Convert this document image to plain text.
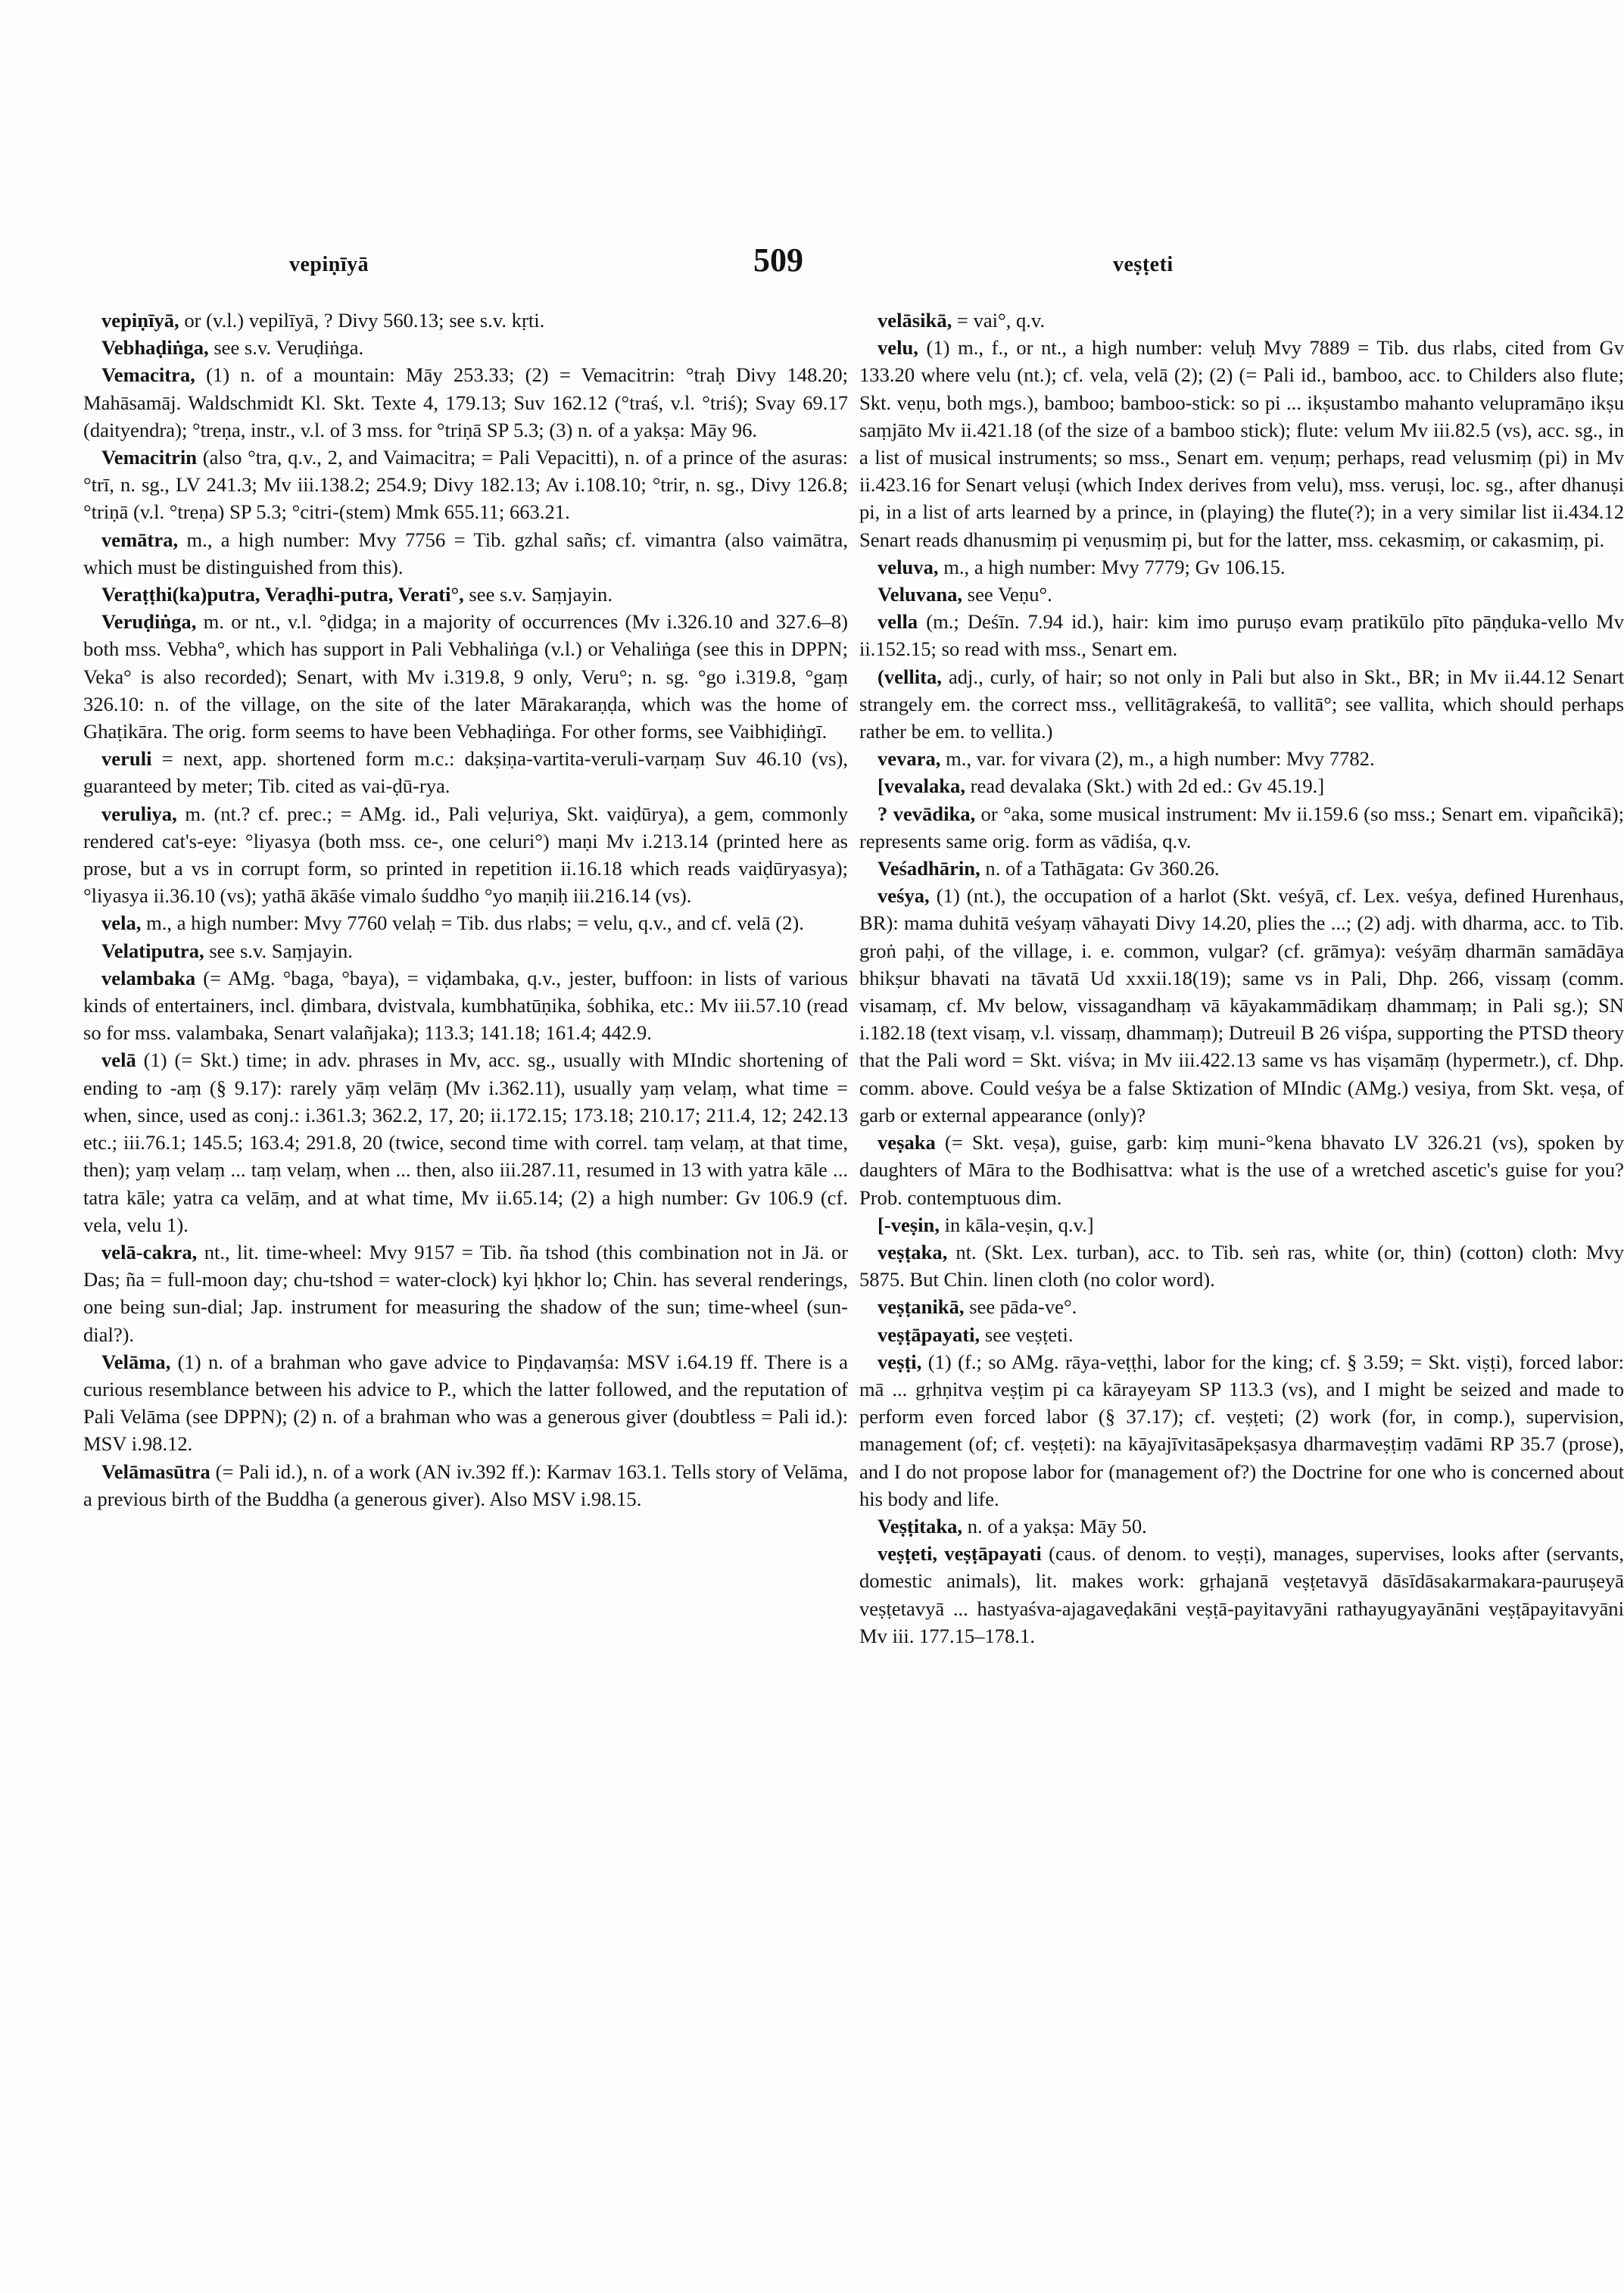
vepiṇīyā	509	veṣṭeti

vepiṇīyā, or (v.l.) vepilīyā, ? Divy 560.13; see s.v. kṛti.

Vebhaḍiṅga, see s.v. Veruḍiṅga.

Vemacitra, (1) n. of a mountain: Māy 253.33; (2) = Vemacitrin: °traḥ Divy 148.20; Mahāsamāj. Waldschmidt Kl. Skt. Texte 4, 179.13; Suv 162.12 (°traś, v.l. °triś); Svay 69.17 (daityendra); °treṇa, instr., v.l. of 3 mss. for °triṇā SP 5.3; (3) n. of a yakṣa: Māy 96.

Vemacitrin (also °tra, q.v., 2, and Vaimacitra; = Pali Vepacitti), n. of a prince of the asuras: °trī, n. sg., LV 241.3; Mv iii.138.2; 254.9; Divy 182.13; Av i.108.10; °trir, n. sg., Divy 126.8; °triṇā (v.l. °treṇa) SP 5.3; °citri-(stem) Mmk 655.11; 663.21.

vemātra, m., a high number: Mvy 7756 = Tib. gzhal sañs; cf. vimantra (also vaimātra, which must be distinguished from this).

Veraṭṭhi(ka)putra, Veraḍhi-putra, Verati°, see s.v. Saṃjayin.

Veruḍiṅga, m. or nt., v.l. °ḍidga; in a majority of occurrences (Mv i.326.10 and 327.6–8) both mss. Vebha°, which has support in Pali Vebhaliṅga (v.l.) or Vehaliṅga (see this in DPPN; Veka° is also recorded); Senart, with Mv i.319.8, 9 only, Veru°; n. sg. °go i.319.8, °gaṃ 326.10: n. of the village, on the site of the later Mārakaraṇḍa, which was the home of Ghaṭikāra. The orig. form seems to have been Vebhaḍiṅga. For other forms, see Vaibhiḍiṅgī.

veruli = next, app. shortened form m.c.: dakṣiṇa-vartita-veruli-varṇaṃ Suv 46.10 (vs), guaranteed by meter; Tib. cited as vai-ḍū-rya.

veruliya, m. (nt.? cf. prec.; = AMg. id., Pali veḷuriya, Skt. vaiḍūrya), a gem, commonly rendered cat's-eye: °liyasya (both mss. ce-, one celuri°) maṇi Mv i.213.14 (printed here as prose, but a vs in corrupt form, so printed in repetition ii.16.18 which reads vaiḍūryasya); °liyasya ii.36.10 (vs); yathā ākāśe vimalo śuddho °yo maṇiḥ iii.216.14 (vs).

vela, m., a high number: Mvy 7760 velaḥ = Tib. dus rlabs; = velu, q.v., and cf. velā (2).

Velatiputra, see s.v. Saṃjayin.

velambaka (= AMg. °baga, °baya), = viḍambaka, q.v., jester, buffoon: in lists of various kinds of entertainers, incl. ḍimbara, dvistvala, kumbhatūṇika, śobhika, etc.: Mv iii.57.10 (read so for mss. valambaka, Senart valañjaka); 113.3; 141.18; 161.4; 442.9.

velā (1) (= Skt.) time; in adv. phrases in Mv, acc. sg., usually with MIndic shortening of ending to -aṃ (§ 9.17): rarely yāṃ velāṃ (Mv i.362.11), usually yaṃ velaṃ, what time = when, since, used as conj.: i.361.3; 362.2, 17, 20; ii.172.15; 173.18; 210.17; 211.4, 12; 242.13 etc.; iii.76.1; 145.5; 163.4; 291.8, 20 (twice, second time with correl. taṃ velaṃ, at that time, then); yaṃ velaṃ ... taṃ velaṃ, when ... then, also iii.287.11, resumed in 13 with yatra kāle ... tatra kāle; yatra ca velāṃ, and at what time, Mv ii.65.14; (2) a high number: Gv 106.9 (cf. vela, velu 1).

velā-cakra, nt., lit. time-wheel: Mvy 9157 = Tib. ña tshod (this combination not in Jä. or Das; ña = full-moon day; chu-tshod = water-clock) kyi ḥkhor lo; Chin. has several renderings, one being sun-dial; Jap. instrument for measuring the shadow of the sun; time-wheel (sun-dial?).

Velāma, (1) n. of a brahman who gave advice to Piṇḍavaṃśa: MSV i.64.19 ff. There is a curious resemblance between his advice to P., which the latter followed, and the reputation of Pali Velāma (see DPPN); (2) n. of a brahman who was a generous giver (doubtless = Pali id.): MSV i.98.12.

Velāmasūtra (= Pali id.), n. of a work (AN iv.392 ff.): Karmav 163.1. Tells story of Velāma, a previous birth of the Buddha (a generous giver). Also MSV i.98.15.

velāsikā, = vai°, q.v.

velu, (1) m., f., or nt., a high number: veluḥ Mvy 7889 = Tib. dus rlabs, cited from Gv 133.20 where velu (nt.); cf. vela, velā (2); (2) (= Pali id., bamboo, acc. to Childers also flute; Skt. veṇu, both mgs.), bamboo; bamboo-stick: so pi ... ikṣustambo mahanto velupramāṇo ikṣu saṃjāto Mv ii.421.18 (of the size of a bamboo stick); flute: velum Mv iii.82.5 (vs), acc. sg., in a list of musical instruments; so mss., Senart em. veṇuṃ; perhaps, read velusmiṃ (pi) in Mv ii.423.16 for Senart veluṣi (which Index derives from velu), mss. veruṣi, loc. sg., after dhanuṣi pi, in a list of arts learned by a prince, in (playing) the flute(?); in a very similar list ii.434.12 Senart reads dhanusmiṃ pi veṇusmiṃ pi, but for the latter, mss. cekasmiṃ, or cakasmiṃ, pi.

veluva, m., a high number: Mvy 7779; Gv 106.15.

Veluvana, see Veṇu°.

vella (m.; Deśīn. 7.94 id.), hair: kim imo puruṣo evaṃ pratikūlo pīto pāṇḍuka-vello Mv ii.152.15; so read with mss., Senart em.

(vellita, adj., curly, of hair; so not only in Pali but also in Skt., BR; in Mv ii.44.12 Senart strangely em. the correct mss., vellitāgrakeśā, to vallitā°; see vallita, which should perhaps rather be em. to vellita.)

vevara, m., var. for vivara (2), m., a high number: Mvy 7782.

[vevalaka, read devalaka (Skt.) with 2d ed.: Gv 45.19.]

? vevādika, or °aka, some musical instrument: Mv ii.159.6 (so mss.; Senart em. vipañcikā); represents same orig. form as vādiśa, q.v.

Veśadhārin, n. of a Tathāgata: Gv 360.26.

veśya, (1) (nt.), the occupation of a harlot (Skt. veśyā, cf. Lex. veśya, defined Hurenhaus, BR): mama duhitā veśyaṃ vāhayati Divy 14.20, plies the ...; (2) adj. with dharma, acc. to Tib. groṅ paḥi, of the village, i. e. common, vulgar? (cf. grāmya): veśyāṃ dharmān samādāya bhikṣur bhavati na tāvatā Ud xxxii.18(19); same vs in Pali, Dhp. 266, vissaṃ (comm. visamaṃ, cf. Mv below, vissagandhaṃ vā kāyakammādikaṃ dhammaṃ; in Pali sg.); SN i.182.18 (text visaṃ, v.l. vissaṃ, dhammaṃ); Dutreuil B 26 viśpa, supporting the PTSD theory that the Pali word = Skt. viśva; in Mv iii.422.13 same vs has viṣamāṃ (hypermetr.), cf. Dhp. comm. above. Could veśya be a false Sktization of MIndic (AMg.) vesiya, from Skt. veṣa, of garb or external appearance (only)?

veṣaka (= Skt. veṣa), guise, garb: kiṃ muni-°kena bhavato LV 326.21 (vs), spoken by daughters of Māra to the Bodhisattva: what is the use of a wretched ascetic's guise for you? Prob. contemptuous dim.

[-veṣin, in kāla-veṣin, q.v.]

veṣṭaka, nt. (Skt. Lex. turban), acc. to Tib. seṅ ras, white (or, thin) (cotton) cloth: Mvy 5875. But Chin. linen cloth (no color word).

veṣṭanikā, see pāda-ve°.

veṣṭāpayati, see veṣṭeti.

veṣṭi, (1) (f.; so AMg. rāya-veṭṭhi, labor for the king; cf. § 3.59; = Skt. viṣṭi), forced labor: mā ... gṛhṇitva veṣṭim pi ca kārayeyam SP 113.3 (vs), and I might be seized and made to perform even forced labor (§ 37.17); cf. veṣṭeti; (2) work (for, in comp.), supervision, management (of; cf. veṣṭeti): na kāyajīvitasāpekṣasya dharmaveṣṭiṃ vadāmi RP 35.7 (prose), and I do not propose labor for (management of?) the Doctrine for one who is concerned about his body and life.

Veṣṭitaka, n. of a yakṣa: Māy 50.

veṣṭeti, veṣṭāpayati (caus. of denom. to veṣṭi), manages, supervises, looks after (servants, domestic animals), lit. makes work: gṛhajanā veṣṭetavyā dāsīdāsakarmakara-pauruṣeyā veṣṭetavyā ... hastyaśva-ajagaveḍakāni veṣṭā-payitavyāni rathayugyayānāni veṣṭāpayitavyāni Mv iii. 177.15–178.1.
